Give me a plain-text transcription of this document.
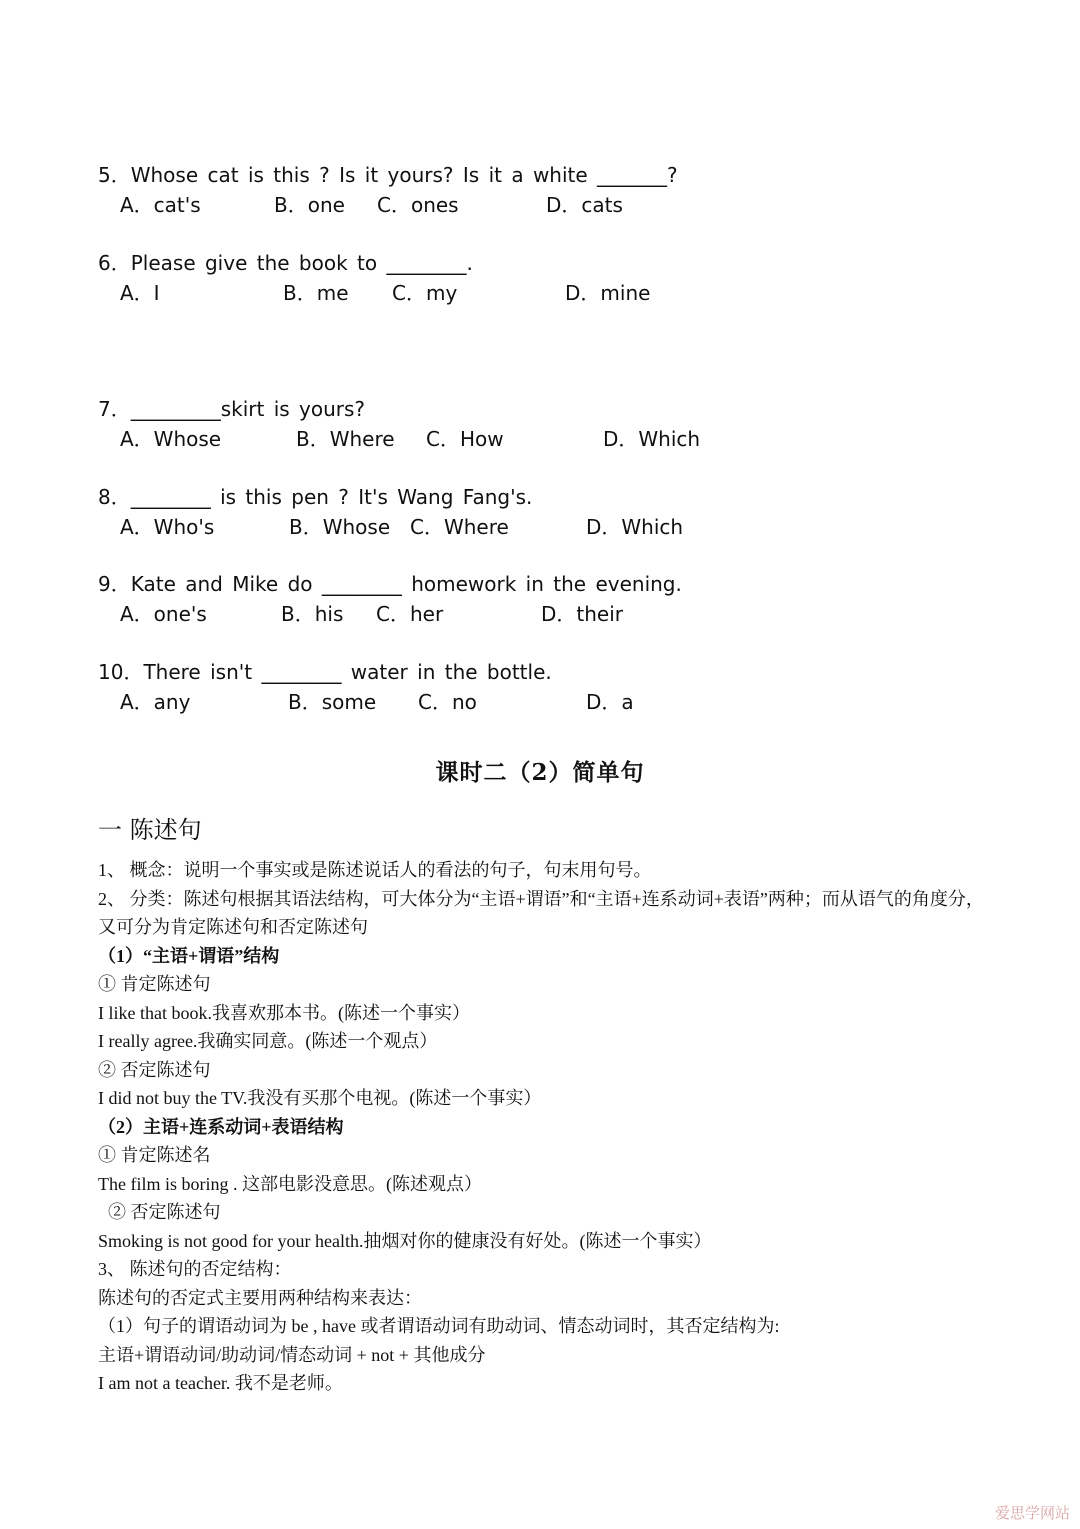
5．Whose cat is this ? Is it yours? Is it a white _______?
A．cat's	B．one C．ones	D．cats
6．Please give the book to ________.
A．I	B．me C．my	D．mine
7．_________skirt is yours?
A．Whose	B．Where C．How	D．Which
8．________ is this pen ? It's Wang Fang's.
A．Who's	B．Whose C．Where	D．Which
9．Kate and Mike do ________ homework in the evening.
A．one's	B．his C．her	D．their
10．There isn't ________ water in the bottle.
A．any	B．some C．no	D．a
课时二（2）简单句
一 陈述句
1、 概念：说明一个事实或是陈述说话人的看法的句子，句末用句号。
2、 分类：陈述句根据其语法结构，可大体分为“主语+谓语”和“主语+连系动词+表语”两种；而从语气的角度分，又可分为肯定陈述句和否定陈述句
（1）“主语+谓语”结构
① 肯定陈述句
I like that book.我喜欢那本书。(陈述一个事实）
I really agree.我确实同意。(陈述一个观点）
② 否定陈述句
I did not buy the TV.我没有买那个电视。(陈述一个事实）
（2）主语+连系动词+表语结构
① 肯定陈述名
The film is boring . 这部电影没意思。(陈述观点）
② 否定陈述句
Smoking is not good for your health.抽烟对你的健康没有好处。(陈述一个事实）
3、 陈述句的否定结构：
陈述句的否定式主要用两种结构来表达：
（1）句子的谓语动词为 be , have 或者谓语动词有助动词、情态动词时，其否定结构为:
主语+谓语动词/助动词/情态动词 + not + 其他成分
I am not a teacher. 我不是老师。
爱思学网站
